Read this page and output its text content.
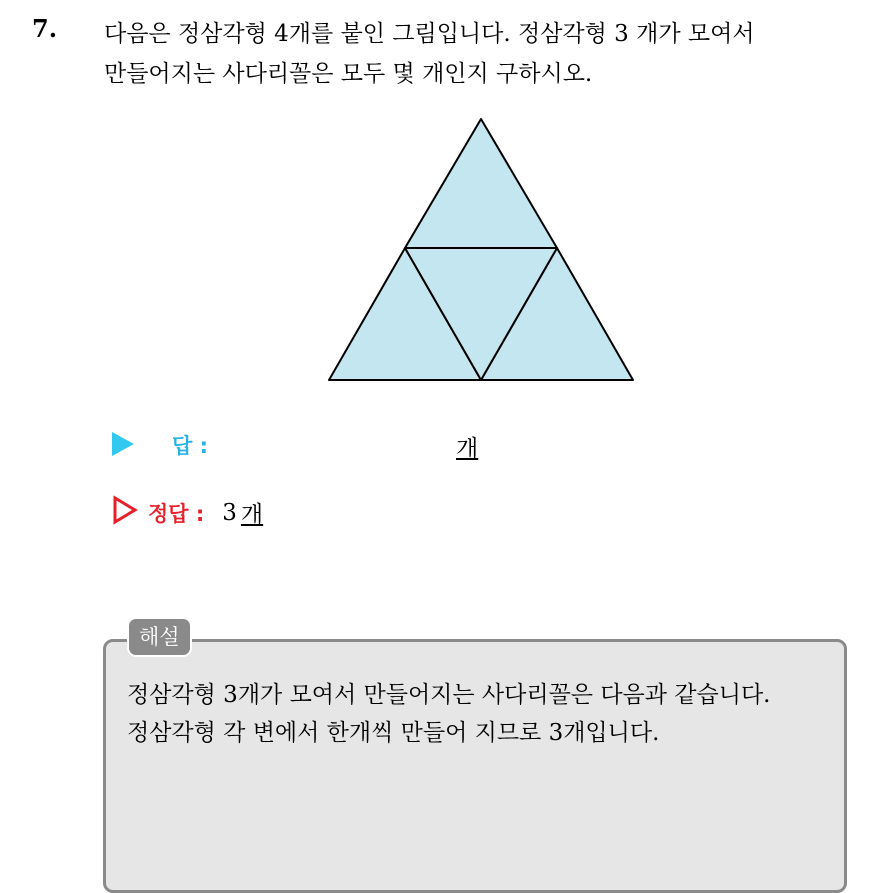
7. 다음은 정삼각형 4개를 붙인 그림입니다. 정삼각형 3 개가 모여서
만들어지는 사다리꼴은 모두 몇 개인지 구하시오.
답 :	개
정답 : 3 개
해설
정삼각형 3개가 모여서 만들어지는 사다리꼴은 다음과 같습니다.
정삼각형 각 변에서 한개씩 만들어 지므로 3개입니다.
